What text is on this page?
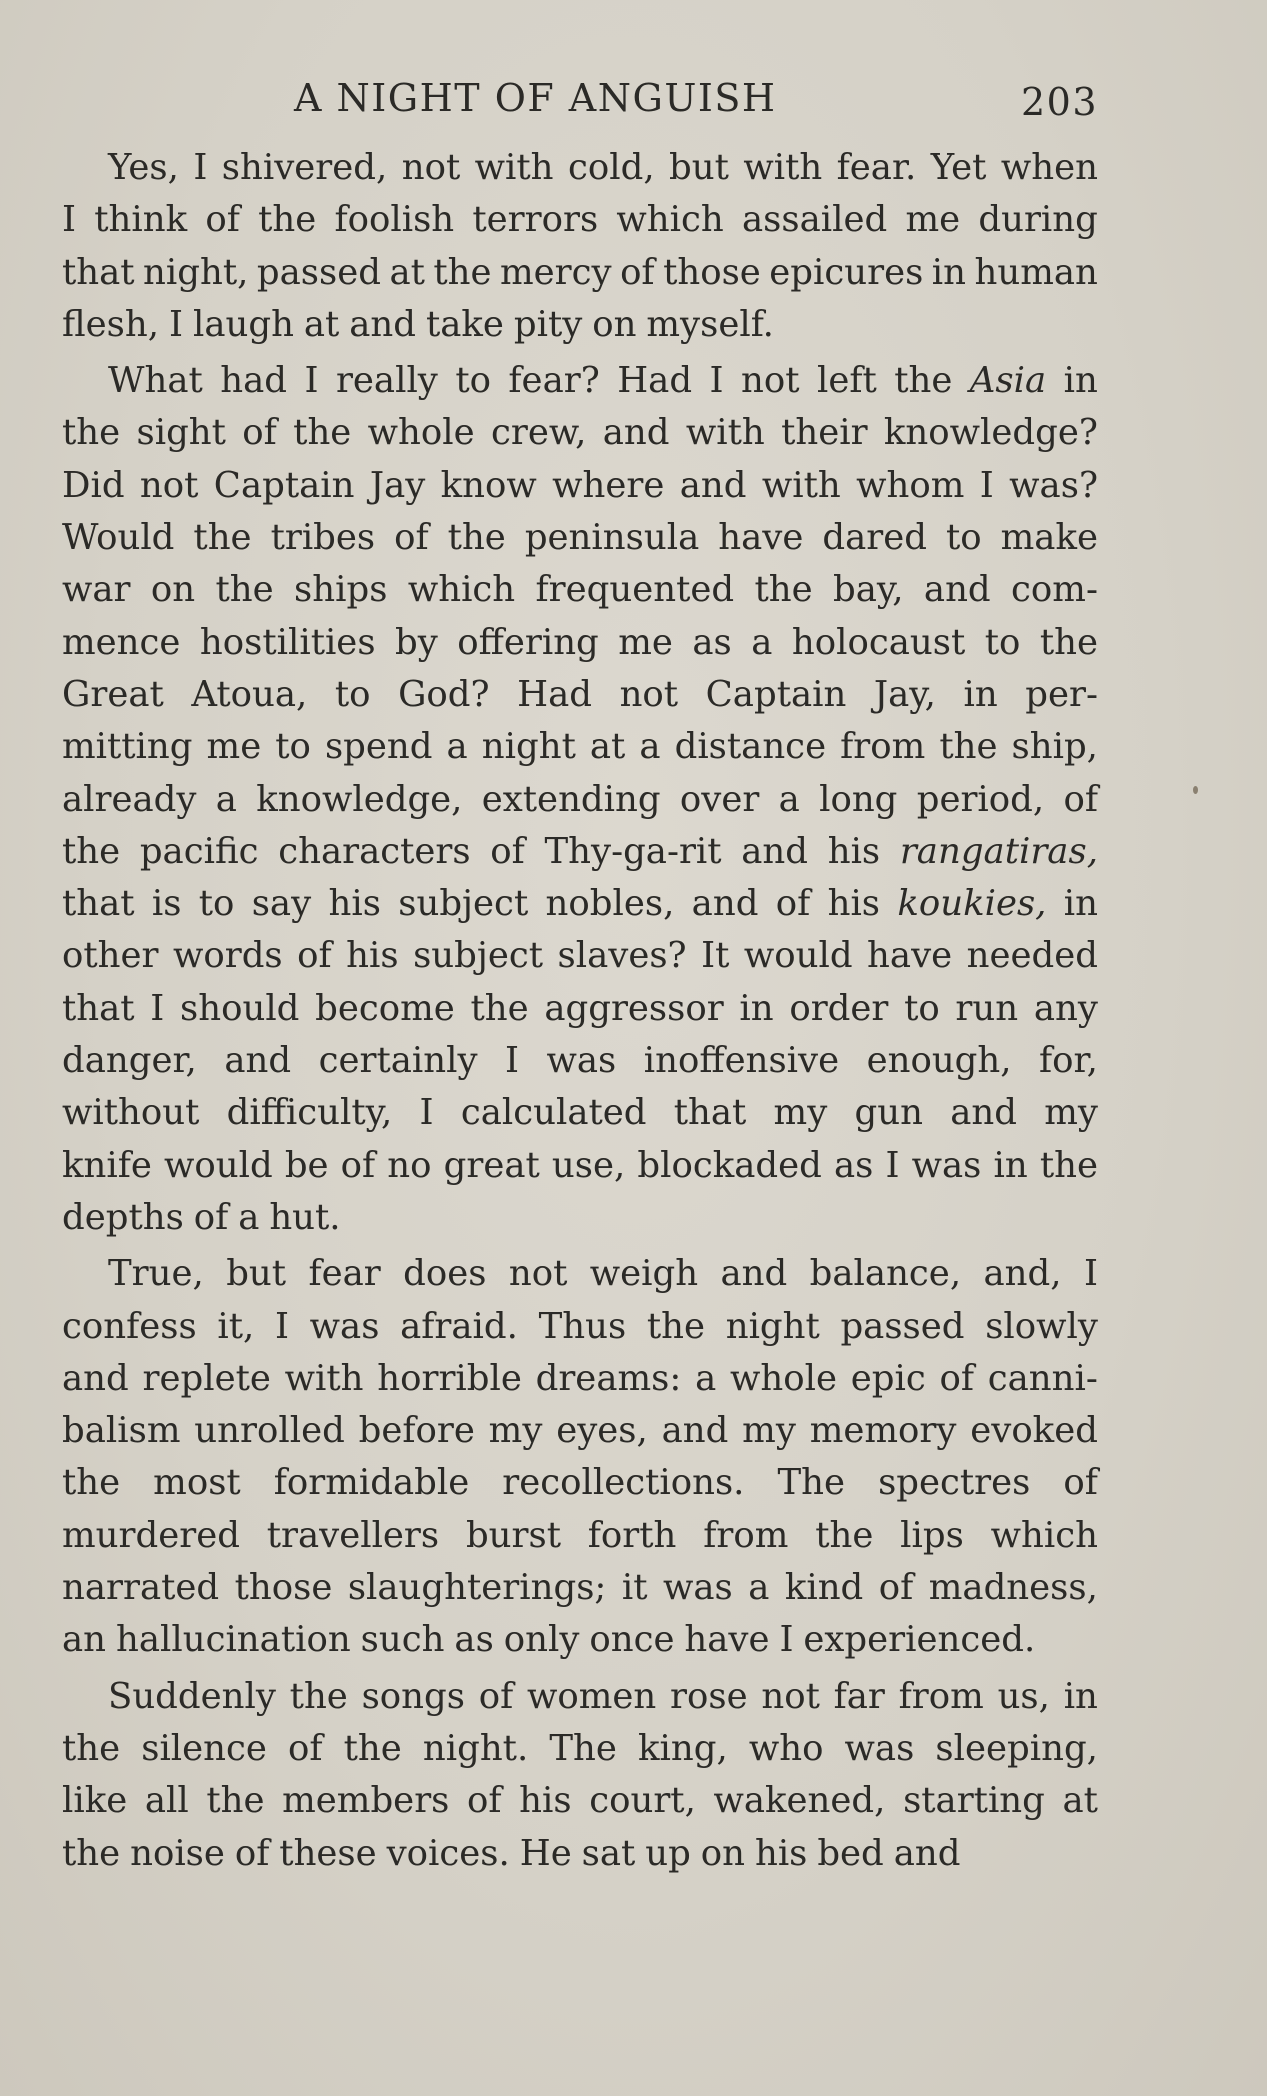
A NIGHT OF ANGUISH	203
Yes, I shivered, not with cold, but with fear. Yet when
I think of the foolish terrors which assailed me during
that night, passed at the mercy of those epicures in human
flesh, I laugh at and take pity on myself.
What had I really to fear? Had I not left the Asia in
the sight of the whole crew, and with their knowledge?
Did not Captain Jay know where and with whom I was?
Would the tribes of the peninsula have dared to make
war on the ships which frequented the bay, and com-
mence hostilities by offering me as a holocaust to the
Great Atoua, to God? Had not Captain Jay, in per-
mitting me to spend a night at a distance from the ship,
already a knowledge, extending over a long period, of
the pacific characters of Thy-ga-rit and his rangatiras,
that is to say his subject nobles, and of his koukies, in
other words of his subject slaves? It would have needed
that I should become the aggressor in order to run any
danger, and certainly I was inoffensive enough, for,
without difficulty, I calculated that my gun and my
knife would be of no great use, blockaded as I was in the
depths of a hut.
True, but fear does not weigh and balance, and, I
confess it, I was afraid. Thus the night passed slowly
and replete with horrible dreams: a whole epic of canni-
balism unrolled before my eyes, and my memory evoked
the most formidable recollections. The spectres of
murdered travellers burst forth from the lips which
narrated those slaughterings; it was a kind of madness,
an hallucination such as only once have I experienced.
Suddenly the songs of women rose not far from us, in
the silence of the night. The king, who was sleeping,
like all the members of his court, wakened, starting at
the noise of these voices. He sat up on his bed and
